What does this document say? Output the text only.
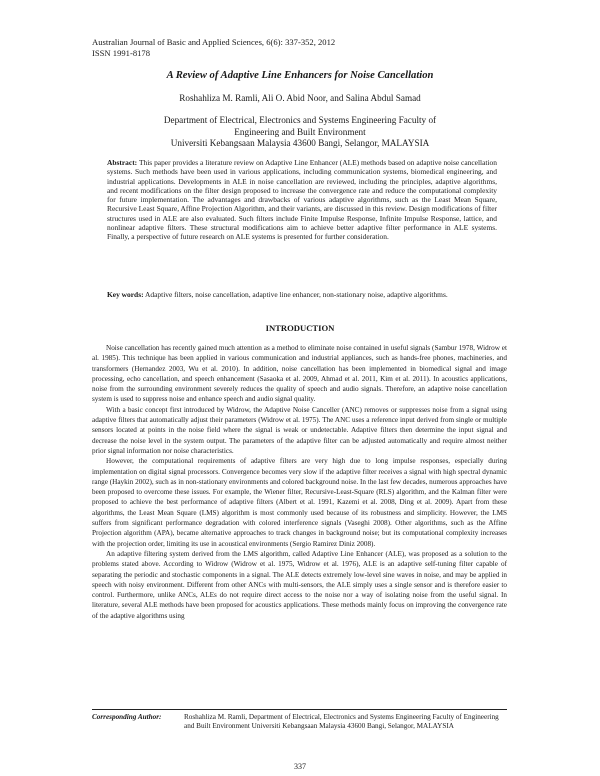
Australian Journal of Basic and Applied Sciences, 6(6): 337-352, 2012
ISSN 1991-8178
A Review of Adaptive Line Enhancers for Noise Cancellation
Roshahliza M. Ramli, Ali O. Abid Noor, and Salina Abdul Samad
Department of Electrical, Electronics and Systems Engineering Faculty of Engineering and Built Environment
Universiti Kebangsaan Malaysia 43600 Bangi, Selangor, MALAYSIA
Abstract: This paper provides a literature review on Adaptive Line Enhancer (ALE) methods based on adaptive noise cancellation systems. Such methods have been used in various applications, including communication systems, biomedical engineering, and industrial applications. Developments in ALE in noise cancellation are reviewed, including the principles, adaptive algorithms, and recent modifications on the filter design proposed to increase the convergence rate and reduce the computational complexity for future implementation. The advantages and drawbacks of various adaptive algorithms, such as the Least Mean Square, Recursive Least Square, Affine Projection Algorithm, and their variants, are discussed in this review. Design modifications of filter structures used in ALE are also evaluated. Such filters include Finite Impulse Response, Infinite Impulse Response, lattice, and nonlinear adaptive filters. These structural modifications aim to achieve better adaptive filter performance in ALE systems. Finally, a perspective of future research on ALE systems is presented for further consideration.
Key words: Adaptive filters, noise cancellation, adaptive line enhancer, non-stationary noise, adaptive algorithms.
INTRODUCTION

Noise cancellation has recently gained much attention as a method to eliminate noise contained in useful signals (Sambur 1978, Widrow et al. 1985). This technique has been applied in various communication and industrial appliances, such as hands-free phones, machineries, and transformers (Hernandez 2003, Wu et al. 2010). In addition, noise cancellation has been implemented in biomedical signal and image processing, echo cancellation, and speech enhancement (Sasaoka et al. 2009, Ahmad et al. 2011, Kim et al. 2011). In acoustics applications, noise from the surrounding environment severely reduces the quality of speech and audio signals. Therefore, an adaptive noise cancellation system is used to suppress noise and enhance speech and audio signal quality.

With a basic concept first introduced by Widrow, the Adaptive Noise Canceller (ANC) removes or suppresses noise from a signal using adaptive filters that automatically adjust their parameters (Widrow et al. 1975). The ANC uses a reference input derived from single or multiple sensors located at points in the noise field where the signal is weak or undetectable. Adaptive filters then determine the input signal and decrease the noise level in the system output. The parameters of the adaptive filter can be adjusted automatically and require almost neither prior signal information nor noise characteristics.

However, the computational requirements of adaptive filters are very high due to long impulse responses, especially during implementation on digital signal processors. Convergence becomes very slow if the adaptive filter receives a signal with high spectral dynamic range (Haykin 2002), such as in non-stationary environments and colored background noise. In the last few decades, numerous approaches have been proposed to overcome these issues. For example, the Wiener filter, Recursive-Least-Square (RLS) algorithm, and the Kalman filter were proposed to achieve the best performance of adaptive filters (Albert et al. 1991, Kazemi et al. 2008, Ding et al. 2009). Apart from these algorithms, the Least Mean Square (LMS) algorithm is most commonly used because of its robustness and simplicity. However, the LMS suffers from significant performance degradation with colored interference signals (Vaseghi 2008). Other algorithms, such as the Affine Projection algorithm (APA), became alternative approaches to track changes in background noise; but its computational complexity increases with the projection order, limiting its use in acoustical environments (Sergio Ramirez Diniz 2008).

An adaptive filtering system derived from the LMS algorithm, called Adaptive Line Enhancer (ALE), was proposed as a solution to the problems stated above. According to Widrow (Widrow et al. 1975, Widrow et al. 1976), ALE is an adaptive self-tuning filter capable of separating the periodic and stochastic components in a signal. The ALE detects extremely low-level sine waves in noise, and may be applied in speech with noisy environment. Different from other ANCs with multi-sensors, the ALE simply uses a single sensor and is therefore easier to control. Furthermore, unlike ANCs, ALEs do not require direct access to the noise nor a way of isolating noise from the useful signal. In literature, several ALE methods have been proposed for acoustics applications. These methods mainly focus on improving the convergence rate of the adaptive algorithms using

Corresponding Author:	Roshahliza M. Ramli, Department of Electrical, Electronics and Systems Engineering Faculty of Engineering and Built Environment Universiti Kebangsaan Malaysia 43600 Bangi, Selangor, MALAYSIA
337
